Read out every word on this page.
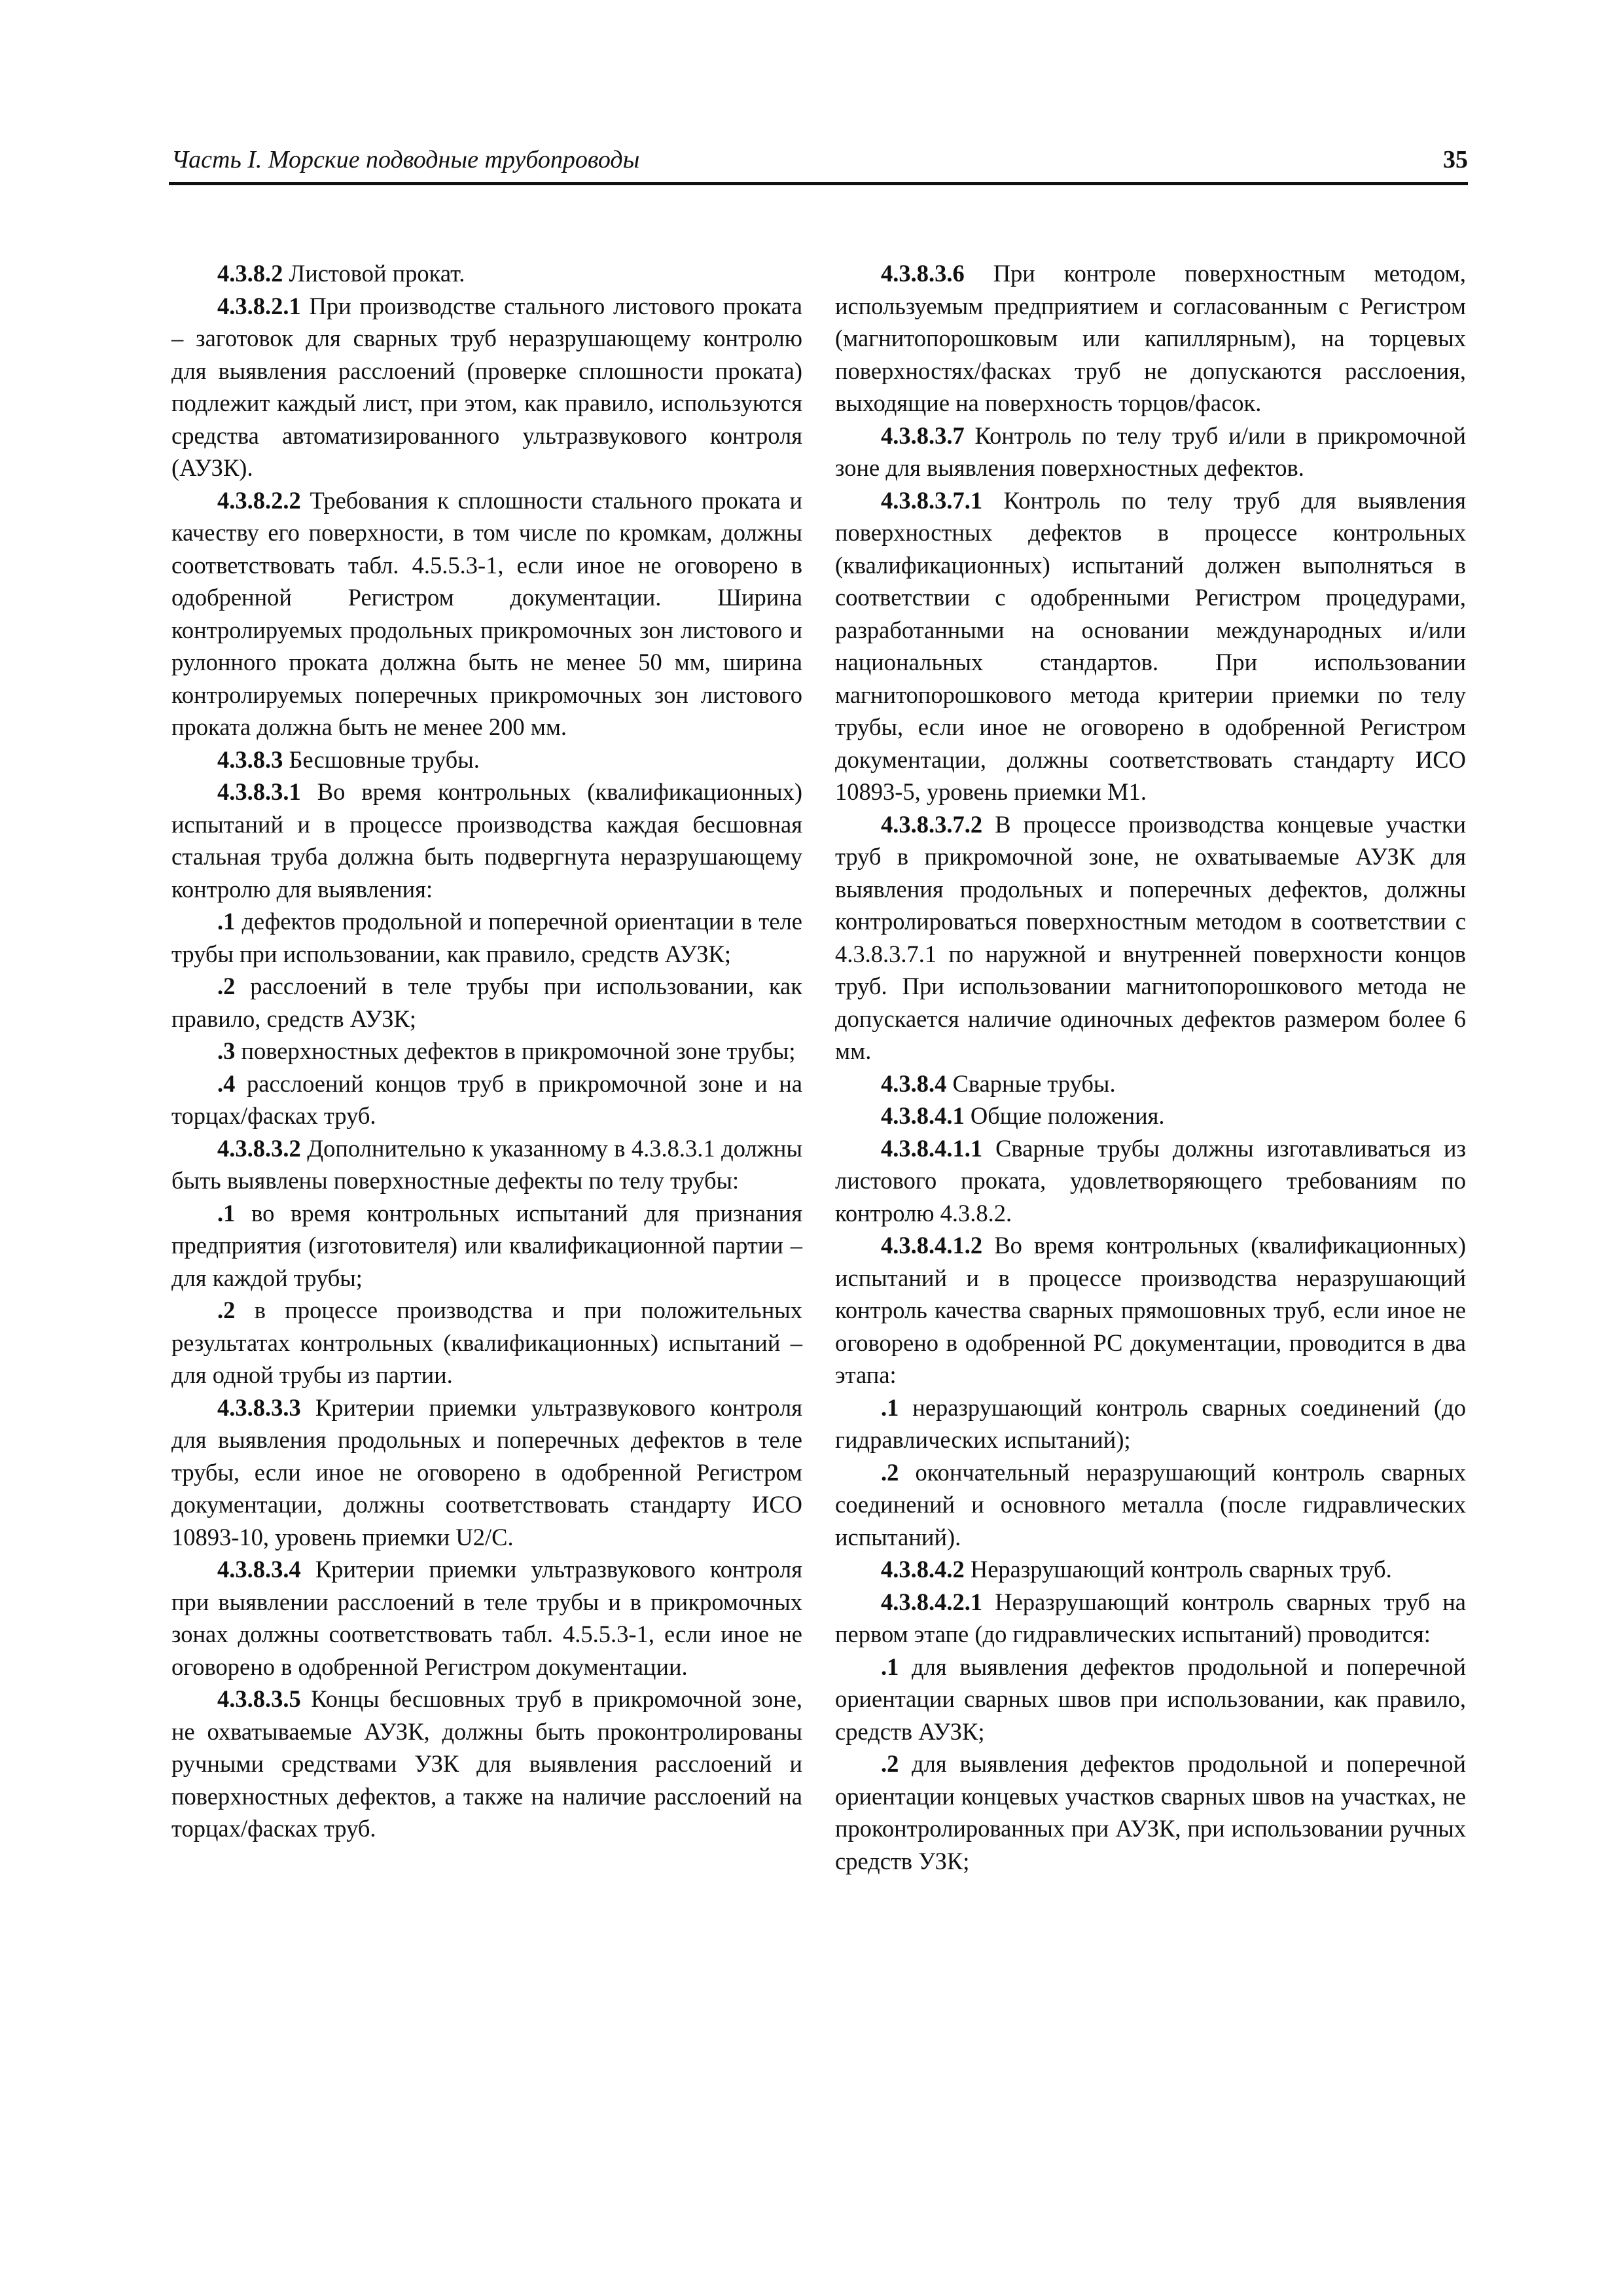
Часть I. Морские подводные трубопроводы	35

4.3.8.2 Листовой прокат.

4.3.8.2.1 При производстве стального листового проката – заготовок для сварных труб неразрушающему контролю для выявления расслоений (проверке сплошности проката) подлежит каждый лист, при этом, как правило, используются средства автоматизированного ультразвукового контроля (АУЗК).

4.3.8.2.2 Требования к сплошности стального проката и качеству его поверхности, в том числе по кромкам, должны соответствовать табл. 4.5.5.3-1, если иное не оговорено в одобренной Регистром документации. Ширина контролируемых продольных прикромочных зон листового и рулонного проката должна быть не менее 50 мм, ширина контролируемых поперечных прикромочных зон листового проката должна быть не менее 200 мм.

4.3.8.3 Бесшовные трубы.

4.3.8.3.1 Во время контрольных (квалификационных) испытаний и в процессе производства каждая бесшовная стальная труба должна быть подвергнута неразрушающему контролю для выявления:

.1 дефектов продольной и поперечной ориентации в теле трубы при использовании, как правило, средств АУЗК;

.2 расслоений в теле трубы при использовании, как правило, средств АУЗК;

.3 поверхностных дефектов в прикромочной зоне трубы;

.4 расслоений концов труб в прикромочной зоне и на торцах/фасках труб.

4.3.8.3.2 Дополнительно к указанному в 4.3.8.3.1 должны быть выявлены поверхностные дефекты по телу трубы:

.1 во время контрольных испытаний для признания предприятия (изготовителя) или квалификационной партии – для каждой трубы;

.2 в процессе производства и при положительных результатах контрольных (квалификационных) испытаний – для одной трубы из партии.

4.3.8.3.3 Критерии приемки ультразвукового контроля для выявления продольных и поперечных дефектов в теле трубы, если иное не оговорено в одобренной Регистром документации, должны соответствовать стандарту ИСО 10893-10, уровень приемки U2/C.

4.3.8.3.4 Критерии приемки ультразвукового контроля при выявлении расслоений в теле трубы и в прикромочных зонах должны соответствовать табл. 4.5.5.3-1, если иное не оговорено в одобренной Регистром документации.

4.3.8.3.5 Концы бесшовных труб в прикромочной зоне, не охватываемые АУЗК, должны быть проконтролированы ручными средствами УЗК для выявления расслоений и поверхностных дефектов, а также на наличие расслоений на торцах/фасках труб.

4.3.8.3.6 При контроле поверхностным методом, используемым предприятием и согласованным с Регистром (магнитопорошковым или капиллярным), на торцевых поверхностях/фасках труб не допускаются расслоения, выходящие на поверхность торцов/фасок.

4.3.8.3.7 Контроль по телу труб и/или в прикромочной зоне для выявления поверхностных дефектов.

4.3.8.3.7.1 Контроль по телу труб для выявления поверхностных дефектов в процессе контрольных (квалификационных) испытаний должен выполняться в соответствии с одобренными Регистром процедурами, разработанными на основании международных и/или национальных стандартов. При использовании магнитопорошкового метода критерии приемки по телу трубы, если иное не оговорено в одобренной Регистром документации, должны соответствовать стандарту ИСО 10893-5, уровень приемки M1.

4.3.8.3.7.2 В процессе производства концевые участки труб в прикромочной зоне, не охватываемые АУЗК для выявления продольных и поперечных дефектов, должны контролироваться поверхностным методом в соответствии с 4.3.8.3.7.1 по наружной и внутренней поверхности концов труб. При использовании магнитопорошкового метода не допускается наличие одиночных дефектов размером более 6 мм.

4.3.8.4 Сварные трубы.

4.3.8.4.1 Общие положения.

4.3.8.4.1.1 Сварные трубы должны изготавливаться из листового проката, удовлетворяющего требованиям по контролю 4.3.8.2.

4.3.8.4.1.2 Во время контрольных (квалификационных) испытаний и в процессе производства неразрушающий контроль качества сварных прямошовных труб, если иное не оговорено в одобренной РС документации, проводится в два этапа:

.1 неразрушающий контроль сварных соединений (до гидравлических испытаний);

.2 окончательный неразрушающий контроль сварных соединений и основного металла (после гидравлических испытаний).

4.3.8.4.2 Неразрушающий контроль сварных труб.

4.3.8.4.2.1 Неразрушающий контроль сварных труб на первом этапе (до гидравлических испытаний) проводится:

.1 для выявления дефектов продольной и поперечной ориентации сварных швов при использовании, как правило, средств АУЗК;

.2 для выявления дефектов продольной и поперечной ориентации концевых участков сварных швов на участках, не проконтролированных при АУЗК, при использовании ручных средств УЗК;
